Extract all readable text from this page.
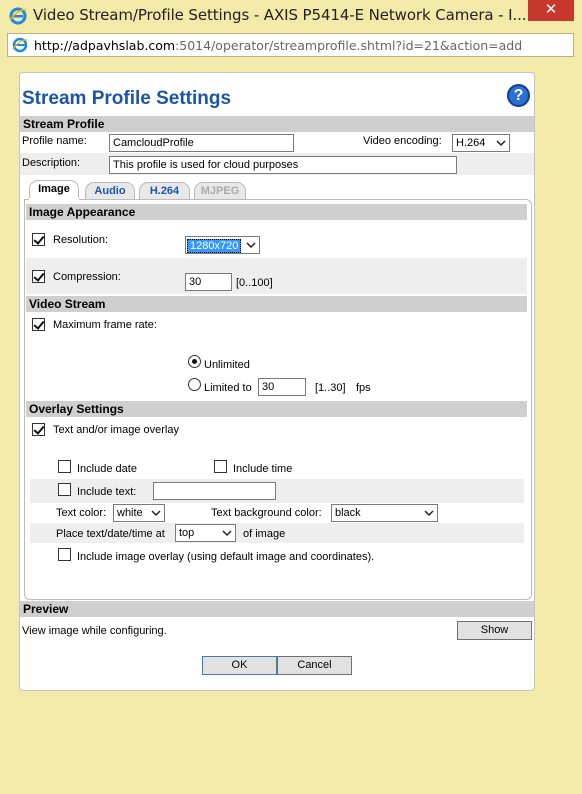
Video Stream/Profile Settings - AXIS P5414-E Network Camera - I...	✕
http://adpavhslab.com:5014/operator/streamprofile.shtml?id=21&action=add
Stream Profile Settings	?
Stream Profile
Profile name:	CamcloudProfile	Video encoding:	H.264
Description:	This profile is used for cloud purposes
Image	Audio	H.264	MJPEG
Image Appearance
Resolution:	1280x720
Compression:	30	[0..100]
Video Stream
Maximum frame rate:
Unlimited
Limited to 30	[1..30] fps
Overlay Settings
Text and/or image overlay
Include date	Include time
Include text:
Text color: white	Text background color:	black
Place text/date/time at	top	of image
Include image overlay (using default image and coordinates).
Preview
View image while configuring.	Show
OK	Cancel
